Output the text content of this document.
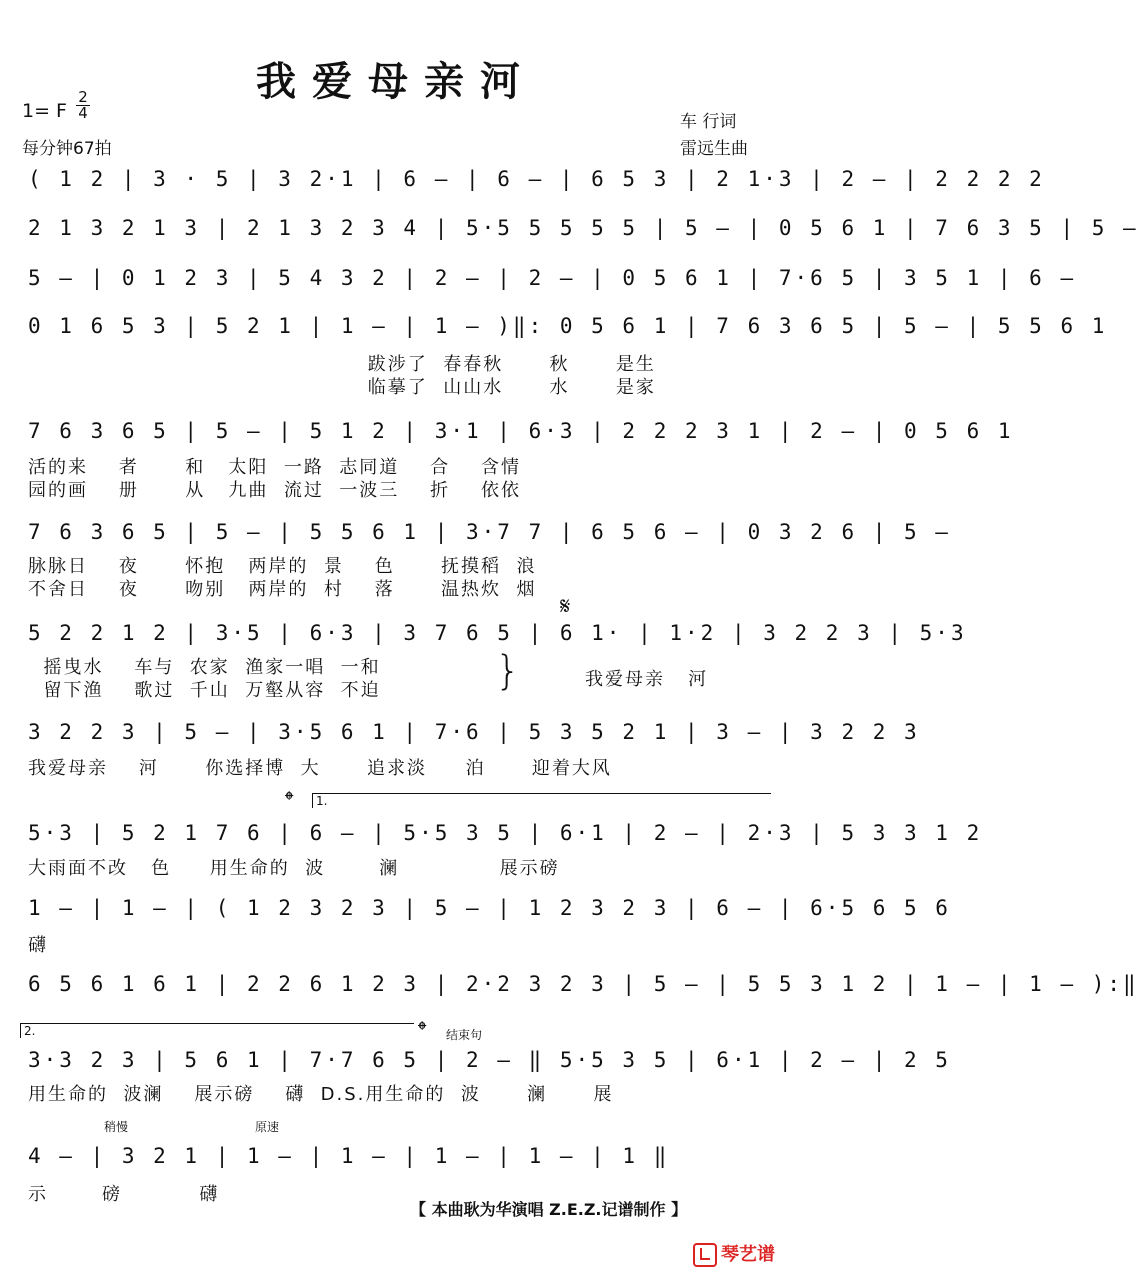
我爱母亲河
1= F
2
4
每分钟67拍
车 行词
雷远生曲
( 1 2 | 3 · 5 | 3 2·1 | 6 – | 6 – | 6 5 3 | 2 1·3 | 2 – | 2 2 2 2
2 1 3 2 1 3 | 2 1 3 2 3 4 | 5·5 5 5 5 5 | 5 – | 0 5 6 1 | 7 6 3 5 | 5 –
5 – | 0 1 2 3 | 5 4 3 2 | 2 – | 2 – | 0 5 6 1 | 7·6 5 | 3 5 1 | 6 –
0 1 6 5 3 | 5 2 1 | 1 – | 1 – )‖: 0 5 6 1 | 7 6 3 6 5 | 5 – | 5 5 6 1
跋涉了  春春秋      秋      是生
临摹了  山山水      水      是家
7 6 3 6 5 | 5 – | 5 1 2 | 3·1 | 6·3 | 2 2 2 3 1 | 2 – | 0 5 6 1
活的来    者      和   太阳  一路  志同道    合    含情
园的画    册      从   九曲  流过  一波三    折    依依
7 6 3 6 5 | 5 – | 5 5 6 1 | 3·7 7 | 6 5 6 – | 0 3 2 6 | 5 –
脉脉日    夜      怀抱   两岸的  景    色      抚摸稻  浪
不舍日    夜      吻别   两岸的  村    落      温热炊  烟
𝄋
5 2 2 1 2 | 3·5 | 6·3 | 3 7 6 5 | 6 1· | 1·2 | 3 2 2 3 | 5·3
摇曳水    车与  农家  渔家一唱  一和
留下渔    歌过  千山  万壑从容  不迫	}	我爱母亲   河
3 2 2 3 | 5 – | 3·5 6 1 | 7·6 | 5 3 5 2 1 | 3 – | 3 2 2 3
我爱母亲    河      你选择博  大      追求淡     泊      迎着大风
𝄌	1.
5·3 | 5 2 1 7 6 | 6 – | 5·5 3 5 | 6·1 | 2 – | 2·3 | 5 3 3 1 2
大雨面不改   色     用生命的  波       澜             展示磅
1 – | 1 – | ( 1 2 3 2 3 | 5 – | 1 2 3 2 3 | 6 – | 6·5 6 5 6
礴
6 5 6 1 6 1 | 2 2 6 1 2 3 | 2·2 3 2 3 | 5 – | 5 5 3 1 2 | 1 – | 1 – ):‖
2.	𝄌 结束句
3·3 2 3 | 5 6 1 | 7·7 6 5 | 2 – ‖ 5·5 3 5 | 6·1 | 2 – | 2 5
用生命的  波澜    展示磅    礴  D.S.用生命的  波      澜      展
稍慢	原速
4 – | 3 2 1 | 1 – | 1 – | 1 – | 1 – | 1 ‖
示       磅          礴
【 本曲耿为华演唱 Z.E.Z.记谱制作 】
琴艺谱
